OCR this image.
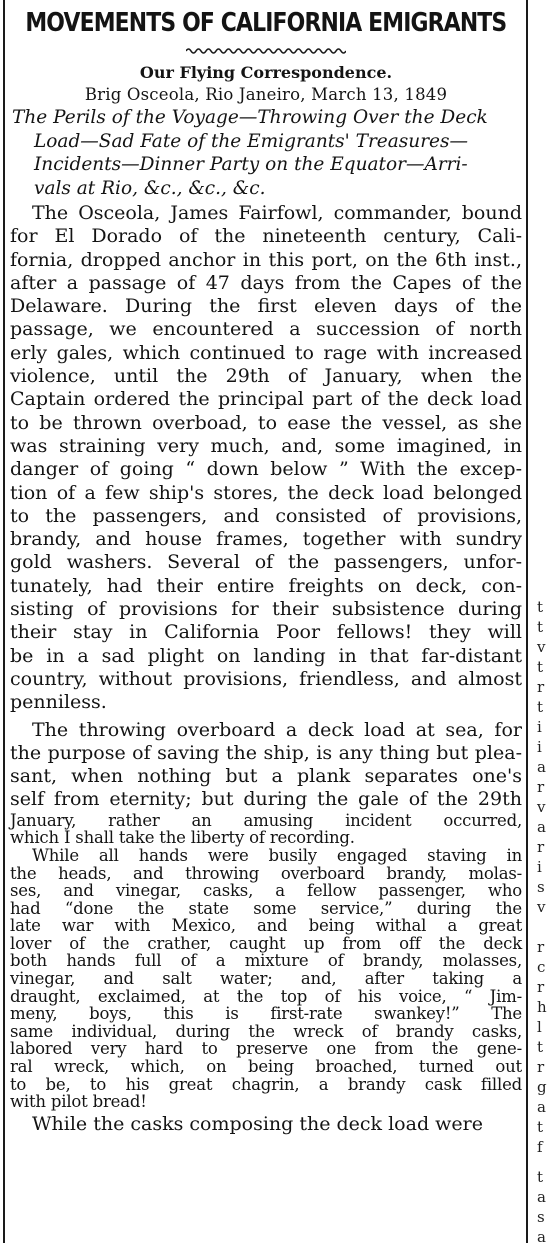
MOVEMENTS OF CALIFORNIA EMIGRANTS
Our Flying Correspondence.
Brig Osceola, Rio Janeiro, March 13, 1849
The Perils of the Voyage—Throwing Over the Deck
Load—Sad Fate of the Emigrants' Treasures—
Incidents—Dinner Party on the Equator—Arri-
vals at Rio, &c., &c., &c.
The Osceola, James Fairfowl, commander, bound
for El Dorado of the nineteenth century, Cali-
fornia, dropped anchor in this port, on the 6th inst.,
after a passage of 47 days from the Capes of the
Delaware. During the first eleven days of the
passage, we encountered a succession of north
erly gales, which continued to rage with increased
violence, until the 29th of January, when the
Captain ordered the principal part of the deck load
to be thrown overboad, to ease the vessel, as she
was straining very much, and, some imagined, in
danger of going “ down below ” With the excep-
tion of a few ship's stores, the deck load belonged
to the passengers, and consisted of provisions,
brandy, and house frames, together with sundry
gold washers. Several of the passengers, unfor-
tunately, had their entire freights on deck, con-
sisting of provisions for their subsistence during
their stay in California Poor fellows! they will
be in a sad plight on landing in that far-distant
country, without provisions, friendless, and almost
penniless.
The throwing overboard a deck load at sea, for
the purpose of saving the ship, is any thing but plea-
sant, when nothing but a plank separates one's
self from eternity; but during the gale of the 29th
January, rather an amusing incident occurred,
which I shall take the liberty of recording.
While all hands were busily engaged staving in
the heads, and throwing overboard brandy, molas-
ses, and vinegar, casks, a fellow passenger, who
had “done the state some service,” during the
late war with Mexico, and being withal a great
lover of the crather, caught up from off the deck
both hands full of a mixture of brandy, molasses,
vinegar, and salt water; and, after taking a
draught, exclaimed, at the top of his voice, “ Jim-
meny, boys, this is first-rate swankey!” The
same individual, during the wreck of brandy casks,
labored very hard to preserve one from the gene-
ral wreck, which, on being broached, turned out
to be, to his great chagrin, a brandy cask filled
with pilot bread!
While the casks composing the deck load were
t
t
v
t
r
t
i
i
a
r
v
a
r
i
s
v
r
c
r
h
l
t
r
g
a
t
f
t
a
s
a
